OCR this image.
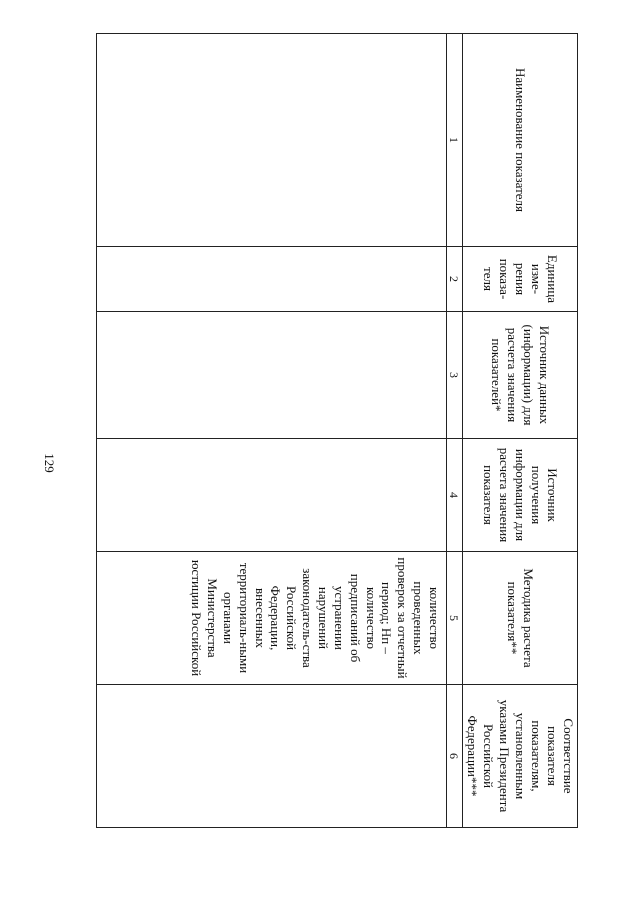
129
Наименование показателя	Единица изме-рения показа-теля	Источник данных (информации) для расчета значения показателей*	Источник получения информации для расчета значения показателя	Методика расчета показателя**	Соответствие показателя показателям, установленным указами Президента Российской Федерации***
1	2	3	4	5	6
				количество проведенных проверок за отчетный период; Нп – количество предписаний об устранении нарушений законодатель-ства Российской Федерации, внесенных территориаль-ными органами Министерства юстиции Российской	
